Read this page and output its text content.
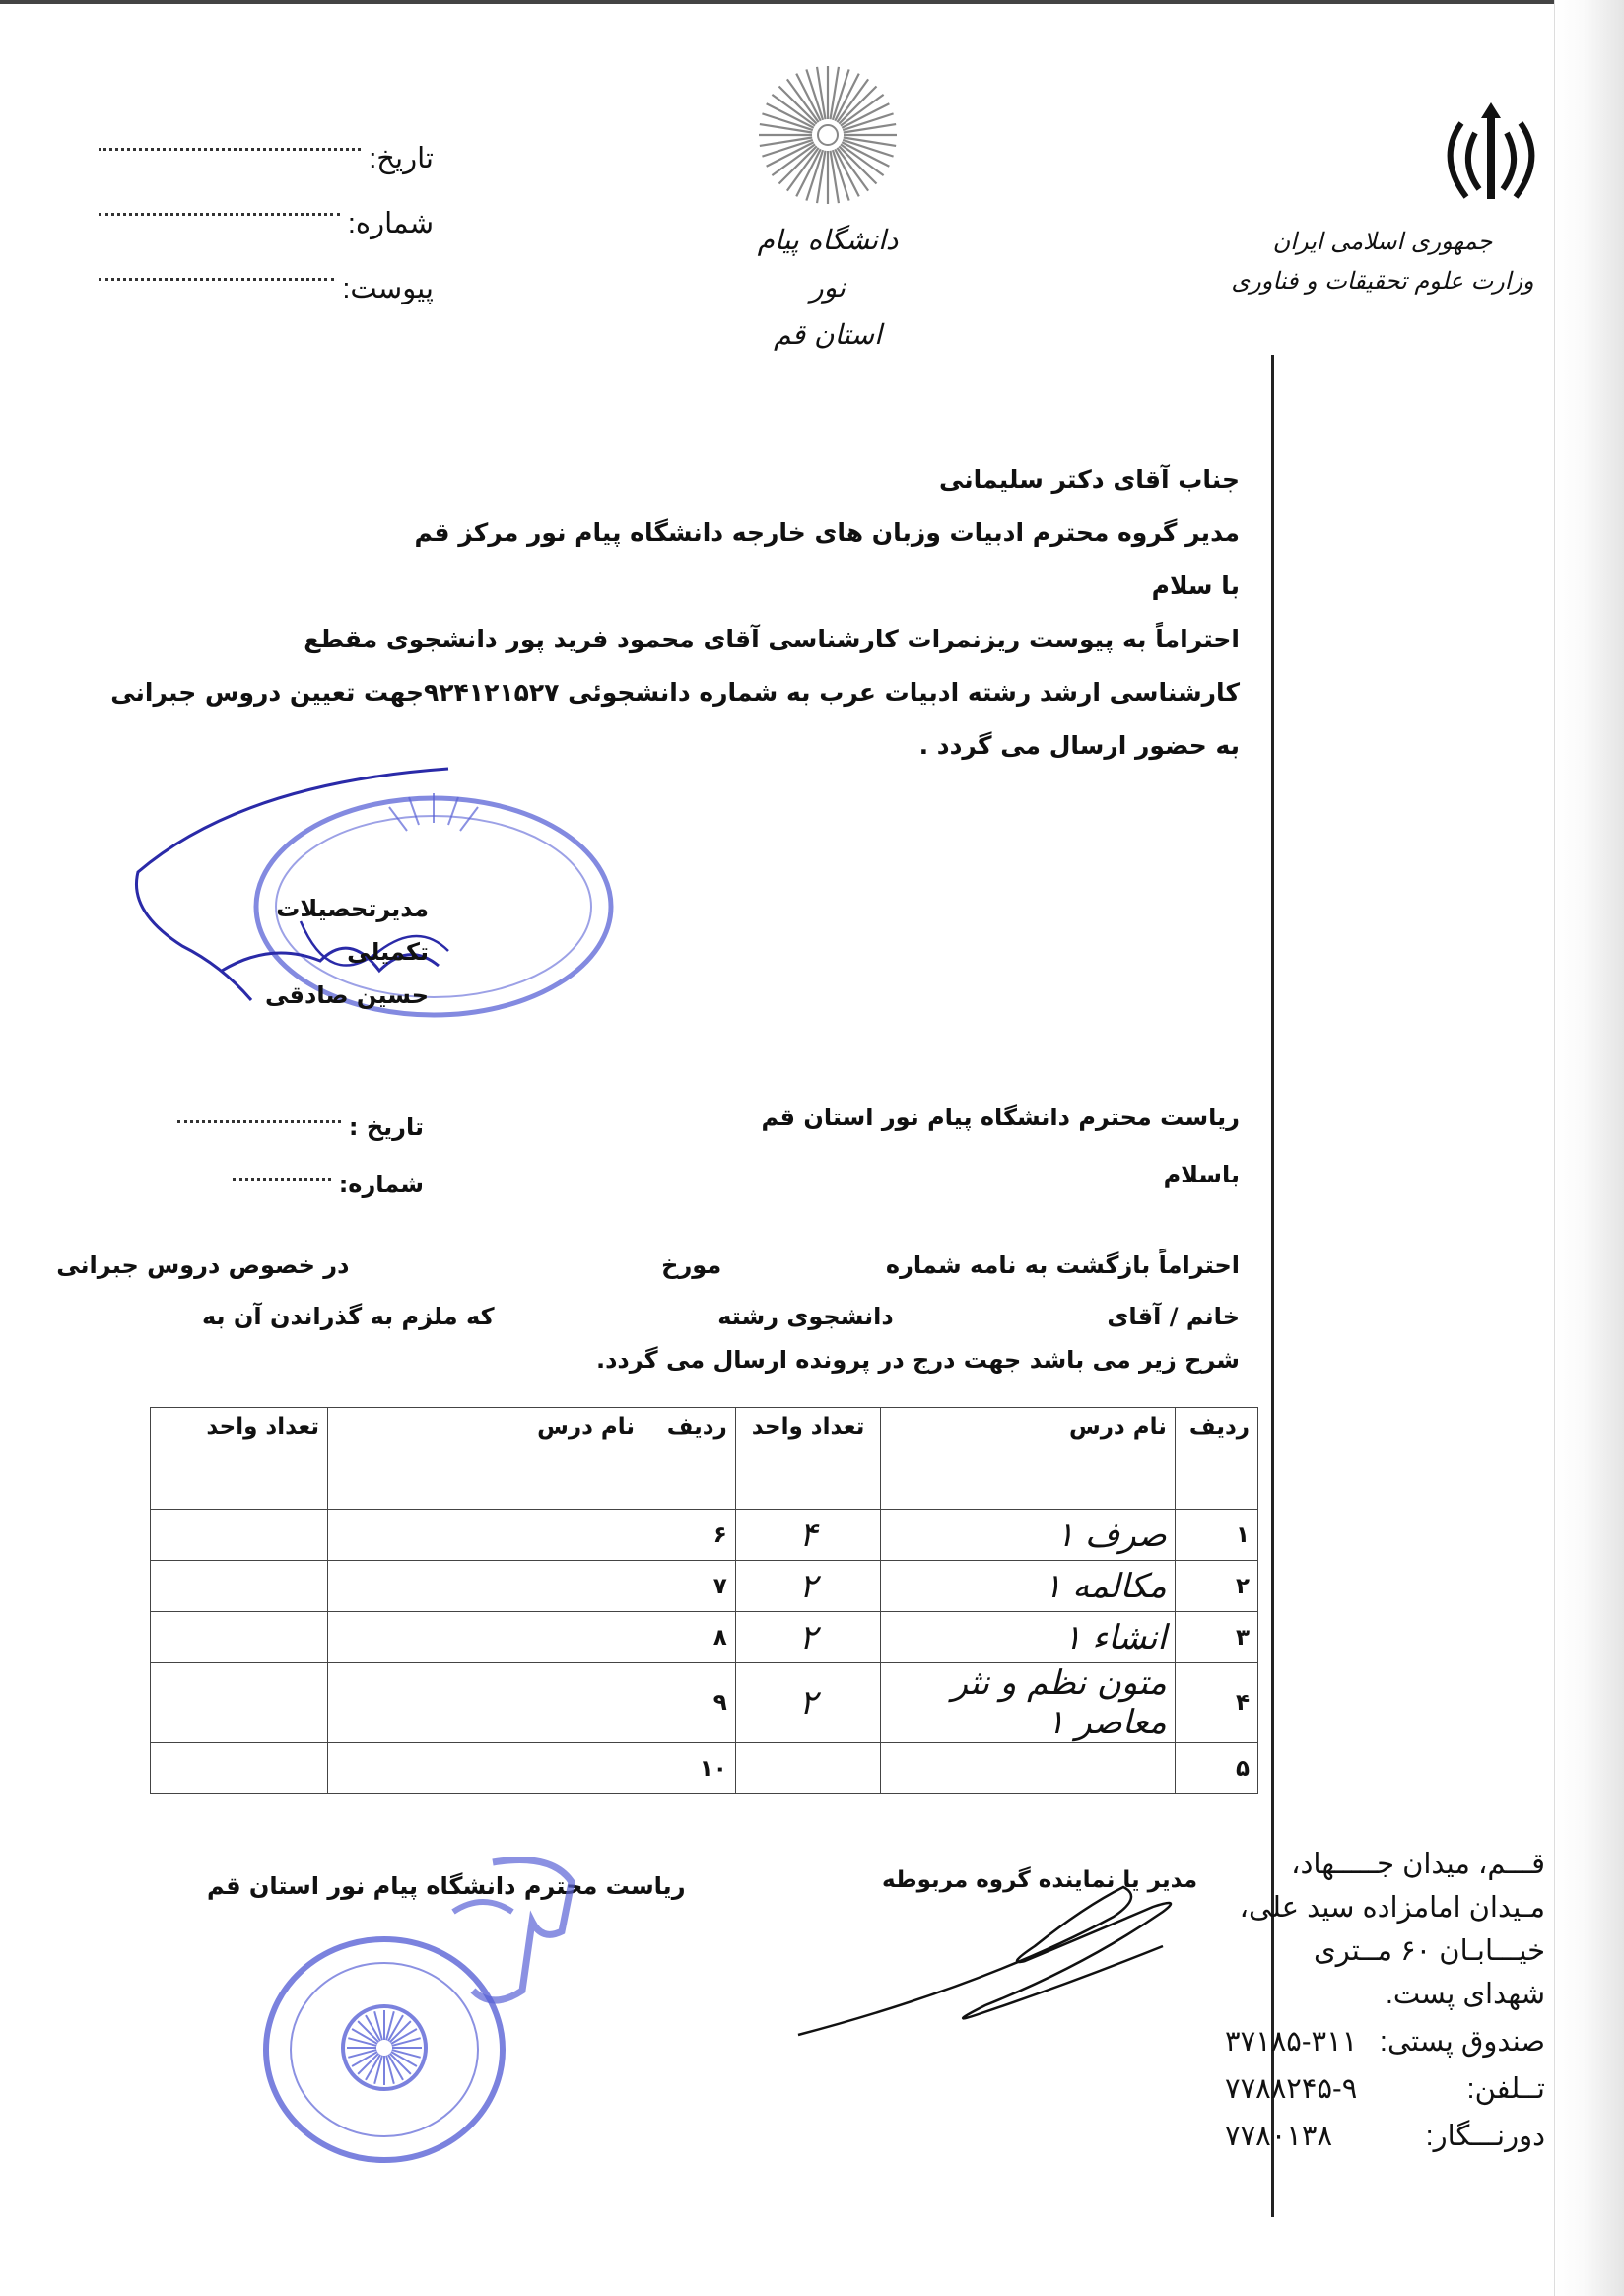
جمهوری اسلامی ایران
وزارت علوم تحقیقات و فناوری
دانشگاه پیام نور
استان قم
تاریخ:
شماره:
پیوست:

جناب آقای دکتر سلیمانی

مدیر گروه محترم ادبیات وزبان های خارجه دانشگاه پیام نور مرکز قم

با سلام

احتراماً به پیوست ریزنمرات کارشناسی آقای محمود فرید پور دانشجوی مقطع

کارشناسی ارشد رشته ادبیات عرب به شماره دانشجوئی ۹۲۴۱۲۱۵۲۷جهت تعیین دروس جبرانی

به حضور ارسال می گردد .

مدیرتحصیلات تکمیلی
حسین صادقی

ریاست محترم دانشگاه پیام نور استان قم

باسلام

احتراماً بازگشت به نامه شماره  مورخ  در خصوص دروس جبرانی

خانم / آقای  دانشجوی رشته  که ملزم به گذراندن آن به

شرح زیر می باشد جهت درج در پرونده ارسال می گردد.

تاریخ :
شماره:
ردیف	نام درس	تعداد واحد	ردیف	نام درس	تعداد واحد
۱	صرف ۱	۴	۶		
۲	مکالمه ۱	۲	۷		
۳	انشاء ۱	۲	۸		
۴	متون نظم و نثر معاصر ۱	۲	۹		
۵			۱۰		
ریاست محترم دانشگاه پیام نور استان قم	مدیر یا نماینده گروه مربوطه	قـــم، میدان جـــــهاد،

مـیدان امامزاده سید علی،

خیـــابـان ۶۰ مــتری

شهدای پست.

صندوق پستی:
۳۷۱۸۵-۳۱۱
تــلفن:
۷۷۸۸۲۴۵-۹
دورنـــگار:
۷۷۸۰۱۳۸
